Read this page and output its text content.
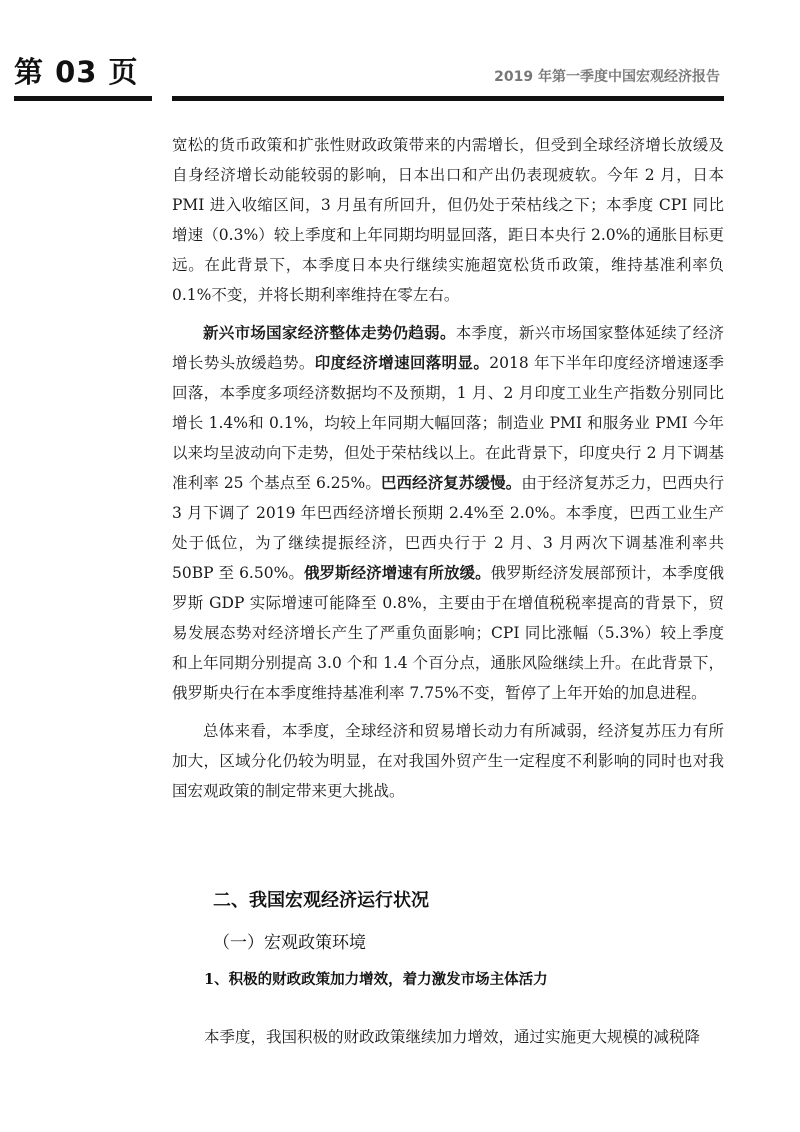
第 03 页	2019 年第一季度中国宏观经济报告

宽松的货币政策和扩张性财政政策带来的内需增长，但受到全球经济增长放缓及自身经济增长动能较弱的影响，日本出口和产出仍表现疲软。今年 2 月，日本 PMI 进入收缩区间，3 月虽有所回升，但仍处于荣枯线之下；本季度 CPI 同比增速（0.3%）较上季度和上年同期均明显回落，距日本央行 2.0%的通胀目标更远。在此背景下，本季度日本央行继续实施超宽松货币政策，维持基准利率负 0.1%不变，并将长期利率维持在零左右。

新兴市场国家经济整体走势仍趋弱。本季度，新兴市场国家整体延续了经济增长势头放缓趋势。印度经济增速回落明显。2018 年下半年印度经济增速逐季回落，本季度多项经济数据均不及预期，1 月、2 月印度工业生产指数分别同比增长 1.4%和 0.1%，均较上年同期大幅回落；制造业 PMI 和服务业 PMI 今年以来均呈波动向下走势，但处于荣枯线以上。在此背景下，印度央行 2 月下调基准利率 25 个基点至 6.25%。巴西经济复苏缓慢。由于经济复苏乏力，巴西央行 3 月下调了 2019 年巴西经济增长预期 2.4%至 2.0%。本季度，巴西工业生产处于低位，为了继续提振经济，巴西央行于 2 月、3 月两次下调基准利率共 50BP 至 6.50%。俄罗斯经济增速有所放缓。俄罗斯经济发展部预计，本季度俄罗斯 GDP 实际增速可能降至 0.8%，主要由于在增值税税率提高的背景下，贸易发展态势对经济增长产生了严重负面影响；CPI 同比涨幅（5.3%）较上季度和上年同期分别提高 3.0 个和 1.4 个百分点，通胀风险继续上升。在此背景下，俄罗斯央行在本季度维持基准利率 7.75%不变，暂停了上年开始的加息进程。

总体来看，本季度，全球经济和贸易增长动力有所减弱，经济复苏压力有所加大，区域分化仍较为明显，在对我国外贸产生一定程度不利影响的同时也对我国宏观政策的制定带来更大挑战。

二、我国宏观经济运行状况
（一）宏观政策环境
1、积极的财政政策加力增效，着力激发市场主体活力

本季度，我国积极的财政政策继续加力增效，通过实施更大规模的减税降
